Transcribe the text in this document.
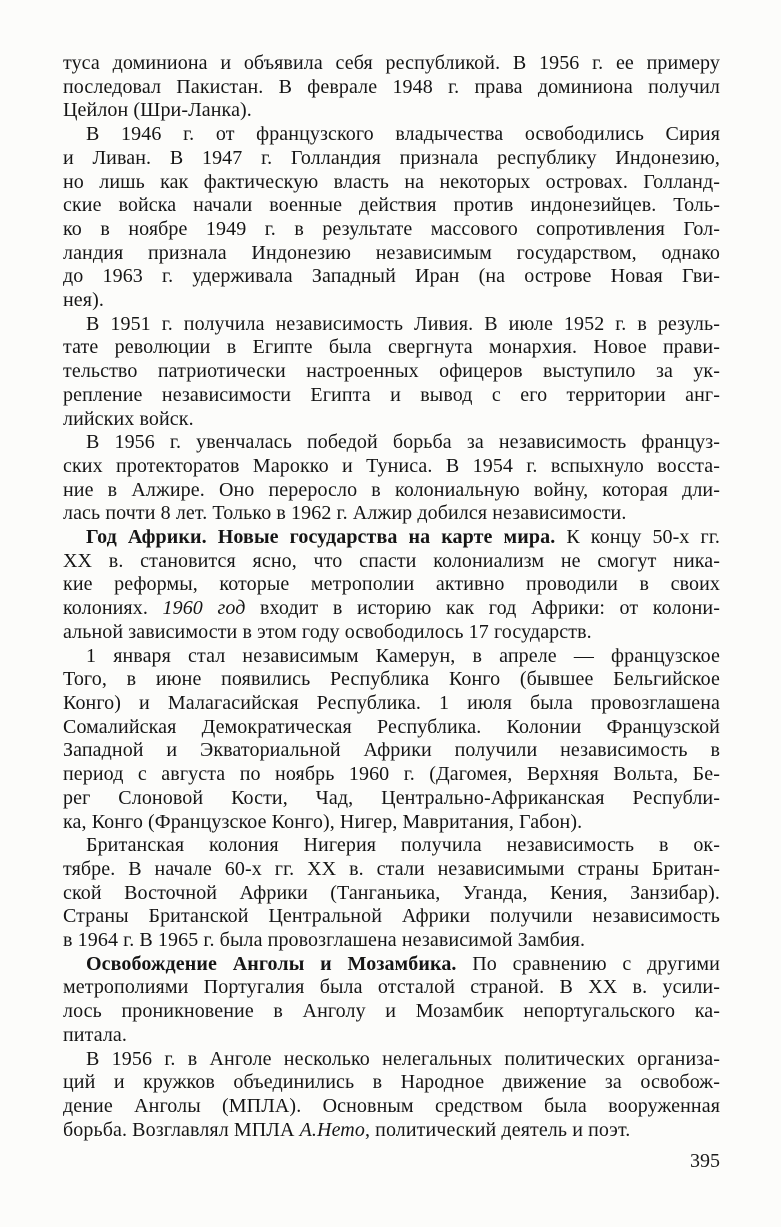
туса доминиона и объявила себя республикой. В 1956 г. ее примеру
последовал Пакистан. В феврале 1948 г. права доминиона получил
Цейлон (Шри-Ланка).
В 1946 г. от французского владычества освободились Сирия
и Ливан. В 1947 г. Голландия признала республику Индонезию,
но лишь как фактическую власть на некоторых островах. Голланд-
ские войска начали военные действия против индонезийцев. Толь-
ко в ноябре 1949 г. в результате массового сопротивления Гол-
ландия признала Индонезию независимым государством, однако
до 1963 г. удерживала Западный Иран (на острове Новая Гви-
нея).
В 1951 г. получила независимость Ливия. В июле 1952 г. в резуль-
тате революции в Египте была свергнута монархия. Новое прави-
тельство патриотически настроенных офицеров выступило за ук-
репление независимости Египта и вывод с его территории анг-
лийских войск.
В 1956 г. увенчалась победой борьба за независимость француз-
ских протекторатов Марокко и Туниса. В 1954 г. вспыхнуло восста-
ние в Алжире. Оно переросло в колониальную войну, которая дли-
лась почти 8 лет. Только в 1962 г. Алжир добился независимости.
Год Африки. Новые государства на карте мира. К концу 50-х гг.
XX в. становится ясно, что спасти колониализм не смогут ника-
кие реформы, которые метрополии активно проводили в своих
колониях. 1960 год входит в историю как год Африки: от колони-
альной зависимости в этом году освободилось 17 государств.
1 января стал независимым Камерун, в апреле — французское
Того, в июне появились Республика Конго (бывшее Бельгийское
Конго) и Малагасийская Республика. 1 июля была провозглашена
Сомалийская Демократическая Республика. Колонии Французской
Западной и Экваториальной Африки получили независимость в
период с августа по ноябрь 1960 г. (Дагомея, Верхняя Вольта, Бе-
рег Слоновой Кости, Чад, Центрально-Африканская Республи-
ка, Конго (Французское Конго), Нигер, Мавритания, Габон).
Британская колония Нигерия получила независимость в ок-
тябре. В начале 60-х гг. XX в. стали независимыми страны Британ-
ской Восточной Африки (Танганьика, Уганда, Кения, Занзибар).
Страны Британской Центральной Африки получили независимость
в 1964 г. В 1965 г. была провозглашена независимой Замбия.
Освобождение Анголы и Мозамбика. По сравнению с другими
метрополиями Португалия была отсталой страной. В XX в. усили-
лось проникновение в Анголу и Мозамбик непортугальского ка-
питала.
В 1956 г. в Анголе несколько нелегальных политических организа-
ций и кружков объединились в Народное движение за освобож-
дение Анголы (МПЛА). Основным средством была вооруженная
борьба. Возглавлял МПЛА А.Нето, политический деятель и поэт.
395
